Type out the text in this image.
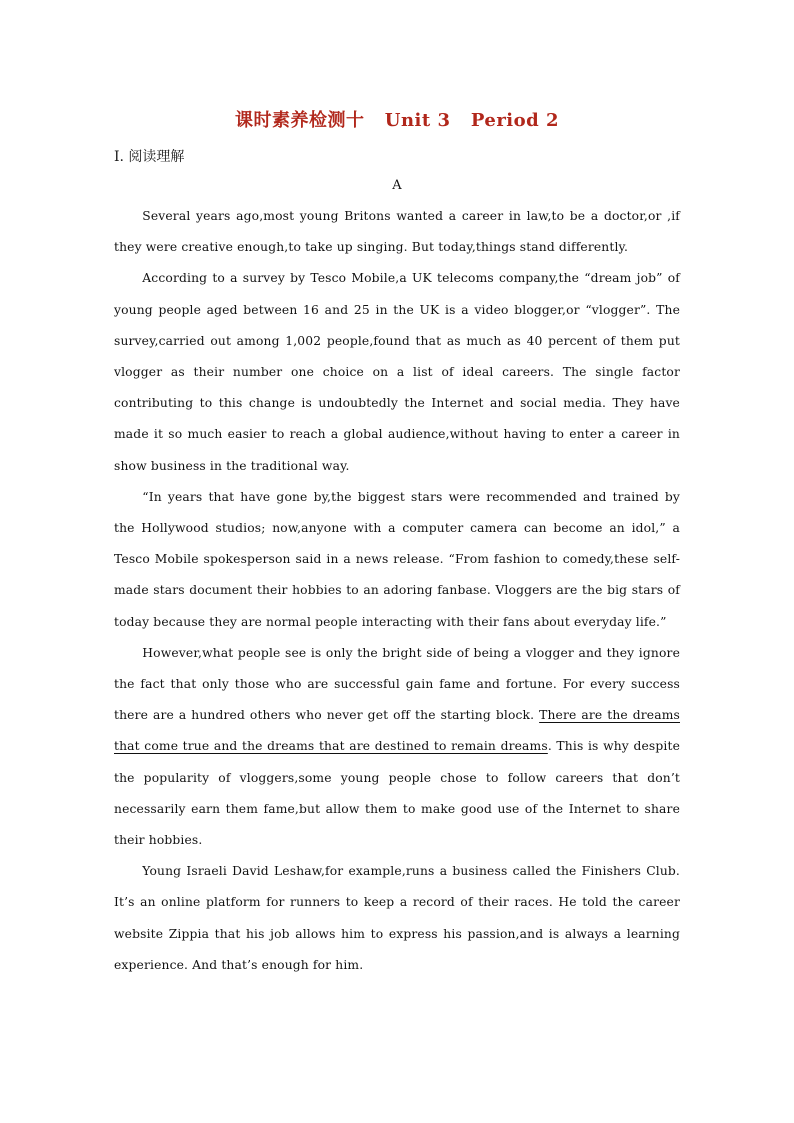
课时素养检测十 Unit 3 Period 2
Ⅰ. 阅读理解
A

Several years ago,most young Britons wanted a career in law,to be a doctor,or ,if they were creative enough,to take up singing. But today,things stand differently.

According to a survey by Tesco Mobile,a UK telecoms company,the “dream job” of young people aged between 16 and 25 in the UK is a video blogger,or “vlogger”. The survey,carried out among 1,002 people,found that as much as 40 percent of them put vlogger as their number one choice on a list of ideal careers. The single factor contributing to this change is undoubtedly the Internet and social media. They have made it so much easier to reach a global audience,without having to enter a career in show business in the traditional way.

“In years that have gone by,the biggest stars were recommended and trained by the Hollywood studios; now,anyone with a computer camera can become an idol,” a Tesco Mobile spokesperson said in a news release. “From fashion to comedy,these self-made stars document their hobbies to an adoring fanbase. Vloggers are the big stars of today because they are normal people interacting with their fans about everyday life.”

However,what people see is only the bright side of being a vlogger and they ignore the fact that only those who are successful gain fame and fortune. For every success there are a hundred others who never get off the starting block. There are the dreams that come true and the dreams that are destined to remain dreams. This is why despite the popularity of vloggers,some young people chose to follow careers that don’t necessarily earn them fame,but allow them to make good use of the Internet to share their hobbies.

Young Israeli David Leshaw,for example,runs a business called the Finishers Club. It’s an online platform for runners to keep a record of their races. He told the career website Zippia that his job allows him to express his passion,and is always a learning experience. And that’s enough for him.
